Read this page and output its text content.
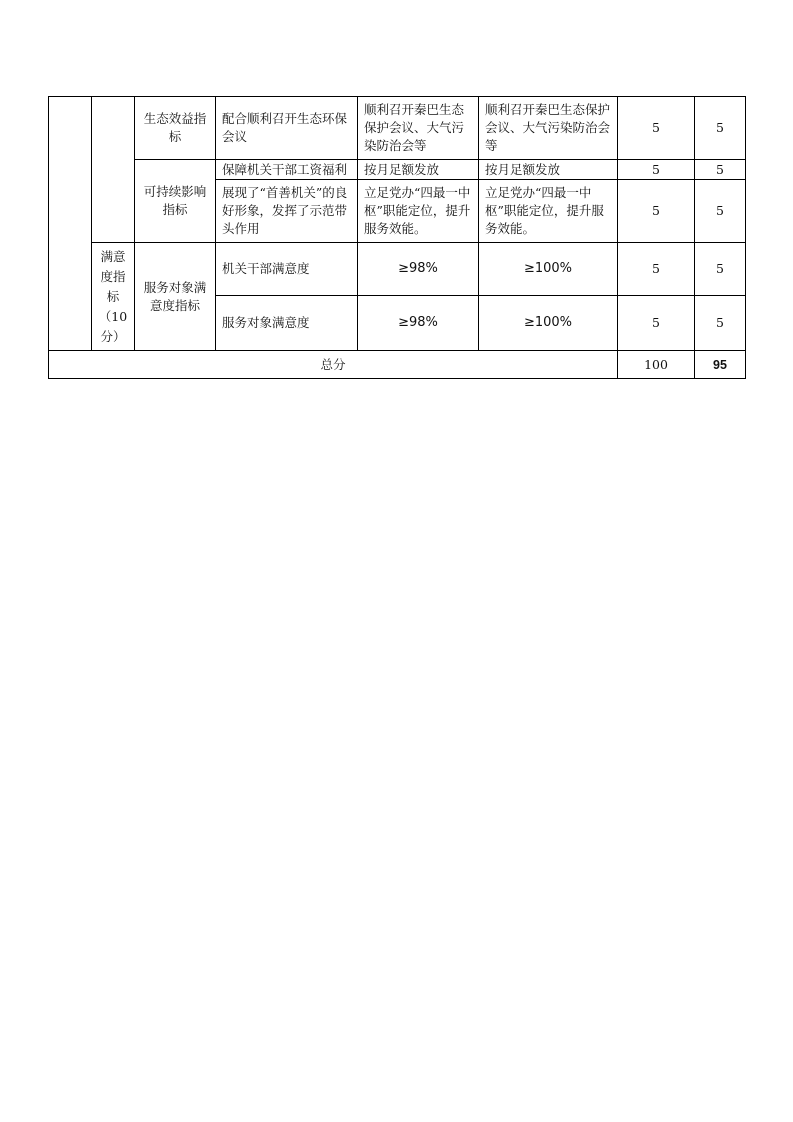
		生态效益指标	配合顺利召开生态环保会议	顺利召开秦巴生态保护会议、大气污染防治会等	顺利召开秦巴生态保护会议、大气污染防治会等	5	5
		可持续影响指标	保障机关干部工资福利	按月足额发放	按月足额发放	5	5
			展现了“首善机关”的良好形象，发挥了示范带头作用	立足党办“四最一中枢”职能定位，提升服务效能。	立足党办“四最一中枢”职能定位，提升服务效能。	5	5
	满意度指标（10分）	服务对象满意度指标	机关干部满意度	≥98%	≥100%	5	5
			服务对象满意度	≥98%	≥100%	5	5
总分						100	95
